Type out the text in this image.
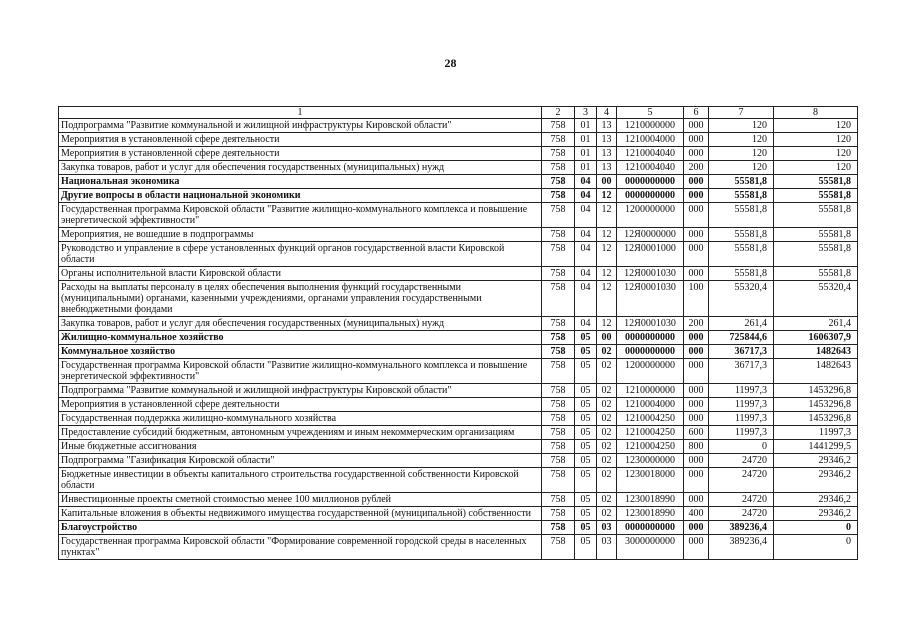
28
1	2	3	4	5	6	7	8
Подпрограмма "Развитие коммунальной и жилищной инфраструктуры Кировской области"	758	01	13	1210000000	000	120	120
Мероприятия в установленной сфере деятельности	758	01	13	1210004000	000	120	120
Мероприятия в установленной сфере деятельности	758	01	13	1210004040	000	120	120
Закупка товаров, работ и услуг для обеспечения государственных (муниципальных) нужд	758	01	13	1210004040	200	120	120
Национальная экономика	758	04	00	0000000000	000	55581,8	55581,8
Другие вопросы в области национальной экономики	758	04	12	0000000000	000	55581,8	55581,8
Государственная программа Кировской области "Развитие жилищно-коммунального комплекса и повышение энергетической эффективности"	758	04	12	1200000000	000	55581,8	55581,8
Мероприятия, не вошедшие в подпрограммы	758	04	12	12Я0000000	000	55581,8	55581,8
Руководство и управление в сфере установленных функций органов государственной власти Кировской области	758	04	12	12Я0001000	000	55581,8	55581,8
Органы исполнительной власти Кировской области	758	04	12	12Я0001030	000	55581,8	55581,8
Расходы на выплаты персоналу в целях обеспечения выполнения функций государственными (муниципальными) органами, казенными учреждениями, органами управления государственными внебюджетными фондами	758	04	12	12Я0001030	100	55320,4	55320,4
Закупка товаров, работ и услуг для обеспечения государственных (муниципальных) нужд	758	04	12	12Я0001030	200	261,4	261,4
Жилищно-коммунальное хозяйство	758	05	00	0000000000	000	725844,6	1606307,9
Коммунальное хозяйство	758	05	02	0000000000	000	36717,3	1482643
Государственная программа Кировской области "Развитие жилищно-коммунального комплекса и повышение энергетической эффективности"	758	05	02	1200000000	000	36717,3	1482643
Подпрограмма "Развитие коммунальной и жилищной инфраструктуры Кировской области"	758	05	02	1210000000	000	11997,3	1453296,8
Мероприятия в установленной сфере деятельности	758	05	02	1210004000	000	11997,3	1453296,8
Государственная поддержка жилищно-коммунального хозяйства	758	05	02	1210004250	000	11997,3	1453296,8
Предоставление субсидий бюджетным, автономным учреждениям и иным некоммерческим организациям	758	05	02	1210004250	600	11997,3	11997,3
Иные бюджетные ассигнования	758	05	02	1210004250	800	0	1441299,5
Подпрограмма "Газификация Кировской области"	758	05	02	1230000000	000	24720	29346,2
Бюджетные инвестиции в объекты капитального строительства государственной собственности Кировской области	758	05	02	1230018000	000	24720	29346,2
Инвестиционные проекты сметной стоимостью менее 100 миллионов рублей	758	05	02	1230018990	000	24720	29346,2
Капитальные вложения в объекты недвижимого имущества государственной (муниципальной) собственности	758	05	02	1230018990	400	24720	29346,2
Благоустройство	758	05	03	0000000000	000	389236,4	0
Государственная программа Кировской области "Формирование современной городской среды в населенных пунктах"	758	05	03	3000000000	000	389236,4	0
